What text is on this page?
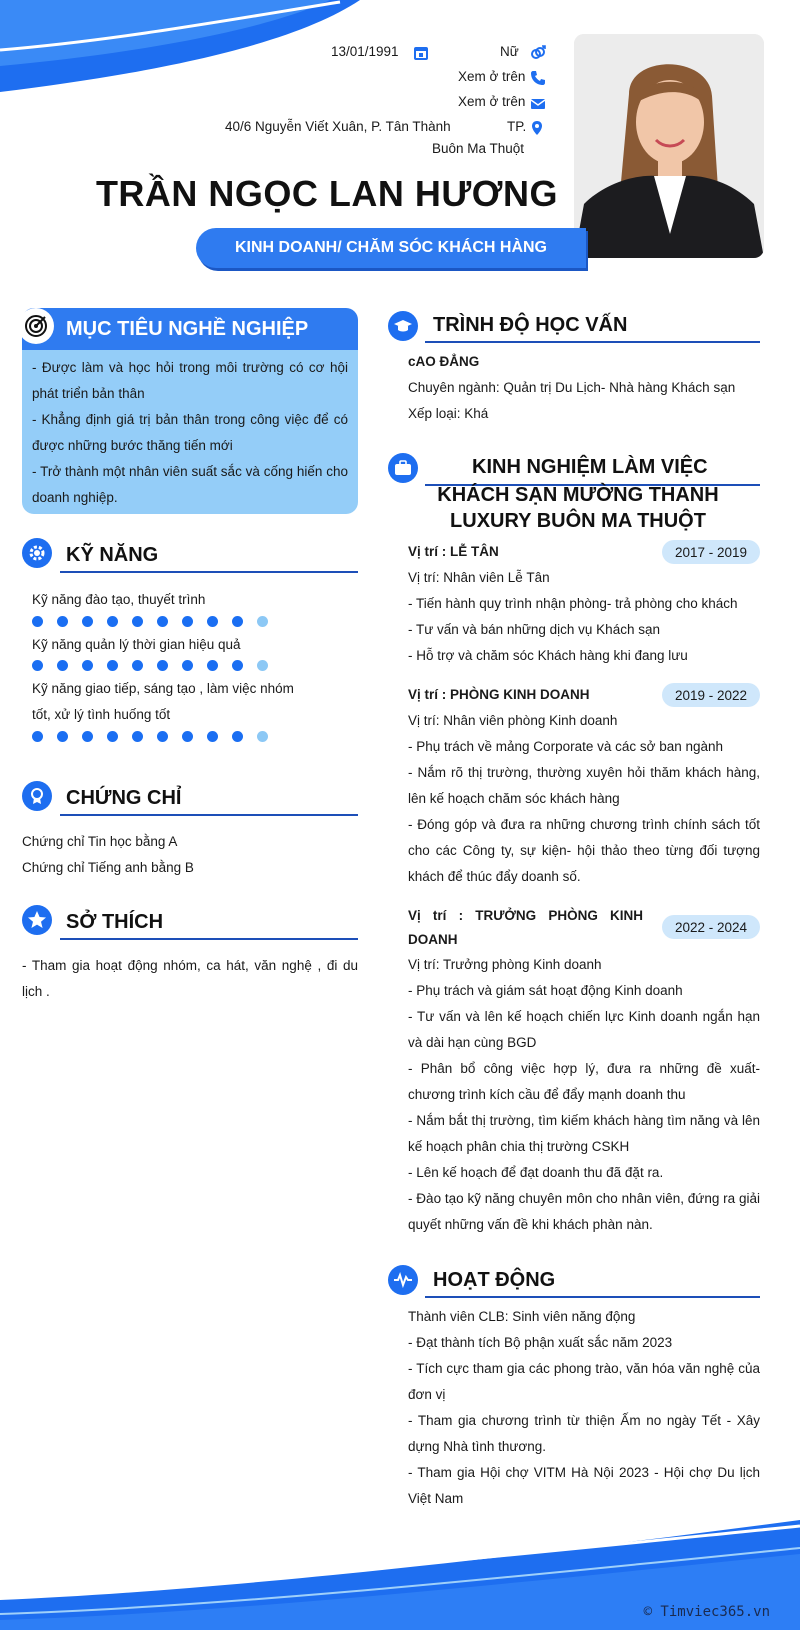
13/01/1991	Nữ
Xem ở trên
Xem ở trên
40/6 Nguyễn Viết Xuân, P. Tân Thành	TP.
Buôn Ma Thuột
TRẦN NGỌC LAN HƯƠNG
KINH DOANH/ CHĂM SÓC KHÁCH HÀNG
MỤC TIÊU NGHỀ NGHIỆP
- Được làm và học hỏi trong môi trường có cơ hội phát triển bản thân
- Khẳng định giá trị bản thân trong công việc để có được những bước thăng tiến mới
- Trở thành một nhân viên suất sắc và cống hiến cho doanh nghiệp.
KỸ NĂNG
Kỹ năng đào tạo, thuyết trình
Kỹ năng quản lý thời gian hiệu quả
Kỹ năng giao tiếp, sáng tạo , làm việc nhóm tốt, xử lý tình huống tốt
CHỨNG CHỈ
Chứng chỉ Tin học bằng A
Chứng chỉ Tiếng anh bằng B
SỞ THÍCH
- Tham gia hoạt động nhóm, ca hát, văn nghệ , đi du lịch .
TRÌNH ĐỘ HỌC VẤN
cAO ĐẲNG
Chuyên ngành: Quản trị Du Lịch- Nhà hàng Khách sạn
Xếp loại: Khá
KINH NGHIỆM LÀM VIỆC
KHÁCH SẠN MƯỜNG THANH LUXURY BUÔN MA THUỘT
Vị trí : LỄ TÂN	2017 - 2019
Vị trí: Nhân viên Lễ Tân
- Tiến hành quy trình nhận phòng- trả phòng cho khách
- Tư vấn và bán những dịch vụ Khách sạn
- Hỗ trợ và chăm sóc Khách hàng khi đang lưu
Vị trí : PHÒNG KINH DOANH	2019 - 2022
Vị trí: Nhân viên phòng Kinh doanh
- Phụ trách về mảng Corporate và các sở ban ngành
- Nắm rõ thị trường, thường xuyên hỏi thăm khách hàng, lên kế hoạch chăm sóc khách hàng
- Đóng góp và đưa ra những chương trình chính sách tốt cho các Công ty, sự kiện- hội thảo theo từng đối tượng khách để thúc đẩy doanh số.
Vị trí : TRƯỞNG PHÒNG KINH DOANH
2022 - 2024
Vị trí: Trưởng phòng Kinh doanh
- Phụ trách và giám sát hoạt động Kinh doanh
- Tư vấn và lên kế hoạch chiến lực Kinh doanh ngắn hạn và dài hạn cùng BGD
- Phân bổ công việc hợp lý, đưa ra những đề xuất- chương trình kích cầu để đẩy mạnh doanh thu
- Nắm bắt thị trường, tìm kiếm khách hàng tìm năng và lên kế hoạch phân chia thị trường CSKH
- Lên kế hoạch để đạt doanh thu đã đặt ra.
- Đào tạo kỹ năng chuyên môn cho nhân viên, đứng ra giải quyết những vấn đề khi khách phàn nàn.
HOẠT ĐỘNG
Thành viên CLB: Sinh viên năng động
- Đạt thành tích Bộ phận xuất sắc năm 2023
- Tích cực tham gia các phong trào, văn hóa văn nghệ của đơn vị
- Tham gia chương trình từ thiện Ấm no ngày Tết - Xây dựng Nhà tình thương.
- Tham gia Hội chợ VITM Hà Nội 2023 - Hội chợ Du lịch Việt Nam
© Timviec365.vn
